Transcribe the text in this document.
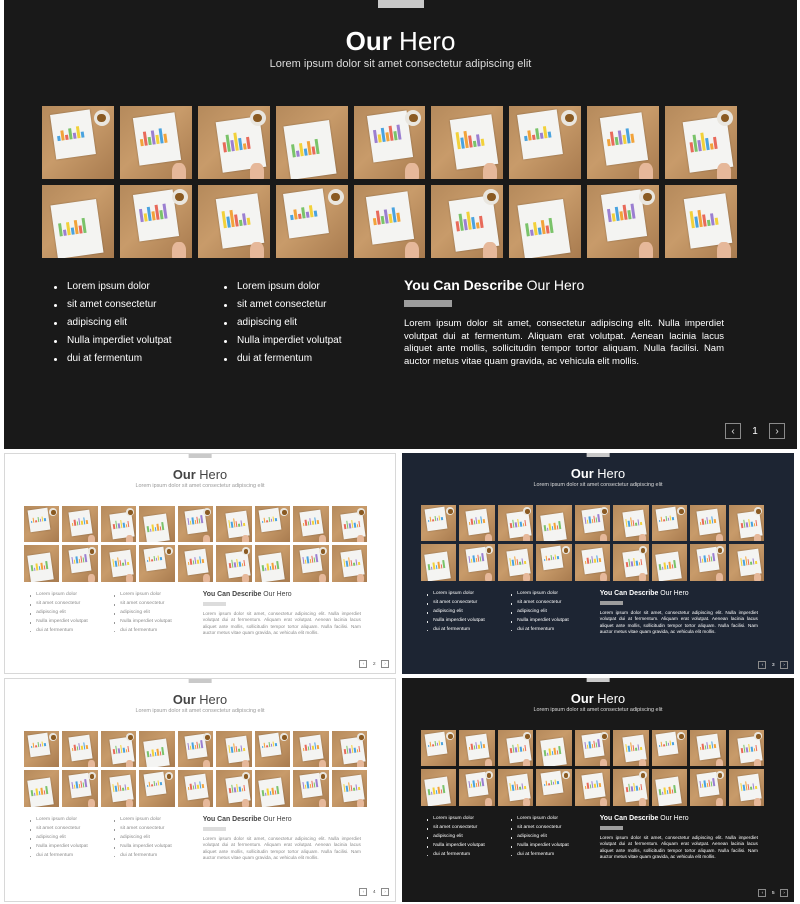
Our Hero
Lorem ipsum dolor sit amet consectetur adipiscing elit
Lorem ipsum dolor
sit amet consectetur
adipiscing elit
Nulla imperdiet volutpat
dui at fermentum
Lorem ipsum dolor
sit amet consectetur
adipiscing elit
Nulla imperdiet volutpat
dui at fermentum
You Can Describe Our Hero
Lorem ipsum dolor sit amet, consectetur adipiscing elit. Nulla imperdiet volutpat dui at fermentum. Aliquam erat volutpat. Aenean lacinia lacus aliquet ante mollis, sollicitudin tempor tortor aliquam. Nulla facilisi. Nam auctor metus vitae quam gravida, ac vehicula elit mollis.
‹	1	›
Our Hero
Lorem ipsum dolor sit amet consectetur adipiscing elit
Lorem ipsum dolor
sit amet consectetur
adipiscing elit
Nulla imperdiet volutpat
dui at fermentum
Lorem ipsum dolor
sit amet consectetur
adipiscing elit
Nulla imperdiet volutpat
dui at fermentum
You Can Describe Our Hero
Lorem ipsum dolor sit amet, consectetur adipiscing elit. Nulla imperdiet volutpat dui at fermentum. Aliquam erat volutpat. Aenean lacinia lacus aliquet ante mollis, sollicitudin tempor tortor aliquam. Nulla facilisi. Nam auctor metus vitae quam gravida, ac vehicula elit mollis.
‹	2	›
Our Hero
Lorem ipsum dolor sit amet consectetur adipiscing elit
Lorem ipsum dolor
sit amet consectetur
adipiscing elit
Nulla imperdiet volutpat
dui at fermentum
Lorem ipsum dolor
sit amet consectetur
adipiscing elit
Nulla imperdiet volutpat
dui at fermentum
You Can Describe Our Hero
Lorem ipsum dolor sit amet, consectetur adipiscing elit. Nulla imperdiet volutpat dui at fermentum. Aliquam erat volutpat. Aenean lacinia lacus aliquet ante mollis, sollicitudin tempor tortor aliquam. Nulla facilisi. Nam auctor metus vitae quam gravida, ac vehicula elit mollis.
‹	3	›
Our Hero
Lorem ipsum dolor sit amet consectetur adipiscing elit
Lorem ipsum dolor
sit amet consectetur
adipiscing elit
Nulla imperdiet volutpat
dui at fermentum
Lorem ipsum dolor
sit amet consectetur
adipiscing elit
Nulla imperdiet volutpat
dui at fermentum
You Can Describe Our Hero
Lorem ipsum dolor sit amet, consectetur adipiscing elit. Nulla imperdiet volutpat dui at fermentum. Aliquam erat volutpat. Aenean lacinia lacus aliquet ante mollis, sollicitudin tempor tortor aliquam. Nulla facilisi. Nam auctor metus vitae quam gravida, ac vehicula elit mollis.
‹	4	›
Our Hero
Lorem ipsum dolor sit amet consectetur adipiscing elit
Lorem ipsum dolor
sit amet consectetur
adipiscing elit
Nulla imperdiet volutpat
dui at fermentum
Lorem ipsum dolor
sit amet consectetur
adipiscing elit
Nulla imperdiet volutpat
dui at fermentum
You Can Describe Our Hero
Lorem ipsum dolor sit amet, consectetur adipiscing elit. Nulla imperdiet volutpat dui at fermentum. Aliquam erat volutpat. Aenean lacinia lacus aliquet ante mollis, sollicitudin tempor tortor aliquam. Nulla facilisi. Nam auctor metus vitae quam gravida, ac vehicula elit mollis.
‹	5	›
